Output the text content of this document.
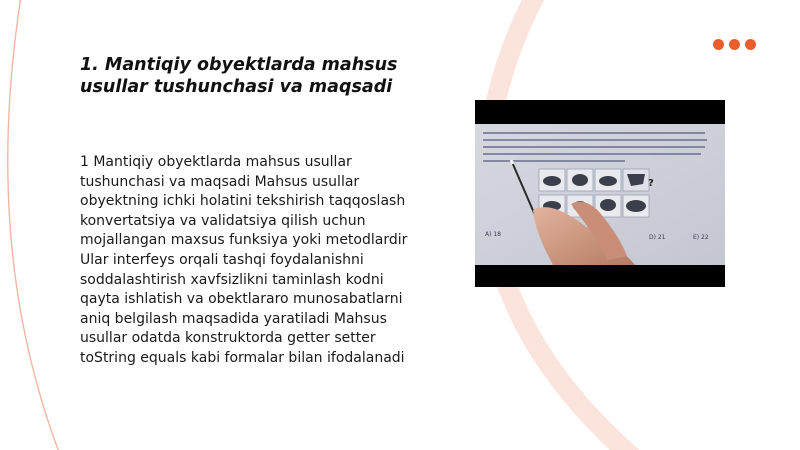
1. Mantiqiy obyektlarda mahsus usullar tushunchasi va maqsadi

1 Mantiqiy obyektlarda mahsus usullar tushunchasi va maqsadi Mahsus usullar obyektning ichki holatini tekshirish taqqoslash konvertatsiya va validatsiya qilish uchun mojallangan maxsus funksiya yoki metodlardir Ular interfeys orqali tashqi foydalanishni soddalashtirish xavfsizlikni taminlash kodni qayta ishlatish va obektlararo munosabatlarni aniq belgilash maqsadida yaratiladi Mahsus usullar odatda konstruktorda getter setter toString equals kabi formalar bilan ifodalanadi

?
A) 18	D) 21	E) 22
